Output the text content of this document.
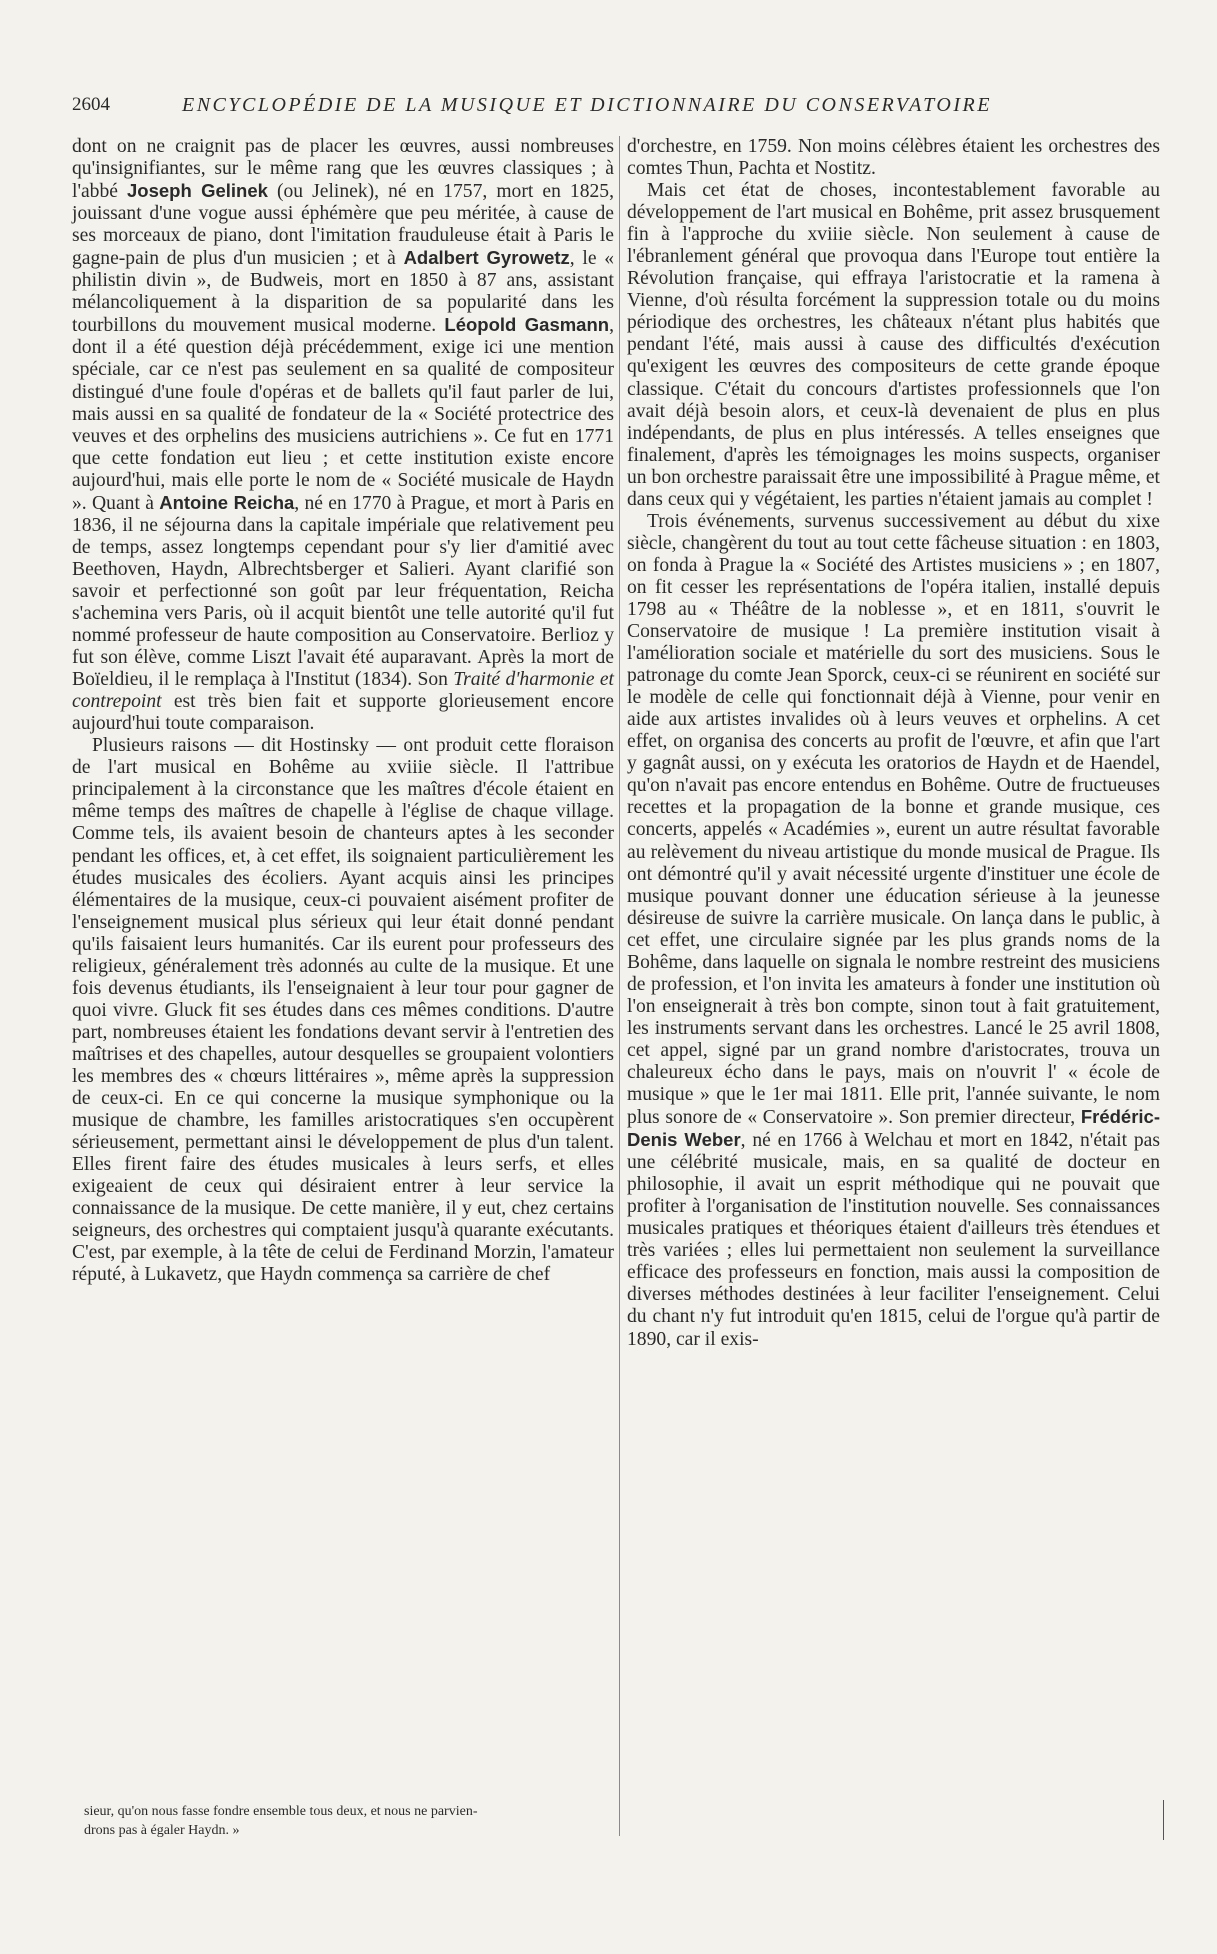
2604	ENCYCLOPÉDIE DE LA MUSIQUE ET DICTIONNAIRE DU CONSERVATOIRE

dont on ne craignit pas de placer les œuvres, aussi nombreuses qu'insignifiantes, sur le même rang que les œuvres classiques ; à l'abbé Joseph Gelinek (ou Jelinek), né en 1757, mort en 1825, jouissant d'une vogue aussi éphémère que peu méritée, à cause de ses morceaux de piano, dont l'imitation frauduleuse était à Paris le gagne-pain de plus d'un musicien ; et à Adalbert Gyrowetz, le « philistin divin », de Budweis, mort en 1850 à 87 ans, assistant mélancoliquement à la disparition de sa popularité dans les tourbillons du mouvement musical moderne. Léopold Gasmann, dont il a été question déjà précédemment, exige ici une mention spéciale, car ce n'est pas seulement en sa qualité de compositeur distingué d'une foule d'opéras et de ballets qu'il faut parler de lui, mais aussi en sa qualité de fondateur de la « Société protectrice des veuves et des orphelins des musiciens autrichiens ». Ce fut en 1771 que cette fondation eut lieu ; et cette institution existe encore aujourd'hui, mais elle porte le nom de « Société musicale de Haydn ». Quant à Antoine Reicha, né en 1770 à Prague, et mort à Paris en 1836, il ne séjourna dans la capitale impériale que relativement peu de temps, assez longtemps cependant pour s'y lier d'amitié avec Beethoven, Haydn, Albrechtsberger et Salieri. Ayant clarifié son savoir et perfectionné son goût par leur fréquentation, Reicha s'achemina vers Paris, où il acquit bientôt une telle autorité qu'il fut nommé professeur de haute composition au Conservatoire. Berlioz y fut son élève, comme Liszt l'avait été auparavant. Après la mort de Boïeldieu, il le remplaça à l'Institut (1834). Son Traité d'harmonie et contrepoint est très bien fait et supporte glorieusement encore aujourd'hui toute comparaison.

Plusieurs raisons — dit Hostinsky — ont produit cette floraison de l'art musical en Bohême au xviiie siècle. Il l'attribue principalement à la circonstance que les maîtres d'école étaient en même temps des maîtres de chapelle à l'église de chaque village. Comme tels, ils avaient besoin de chanteurs aptes à les seconder pendant les offices, et, à cet effet, ils soignaient particulièrement les études musicales des écoliers. Ayant acquis ainsi les principes élémentaires de la musique, ceux-ci pouvaient aisément profiter de l'enseignement musical plus sérieux qui leur était donné pendant qu'ils faisaient leurs humanités. Car ils eurent pour professeurs des religieux, généralement très adonnés au culte de la musique. Et une fois devenus étudiants, ils l'enseignaient à leur tour pour gagner de quoi vivre. Gluck fit ses études dans ces mêmes conditions. D'autre part, nombreuses étaient les fondations devant servir à l'entretien des maîtrises et des chapelles, autour desquelles se groupaient volontiers les membres des « chœurs littéraires », même après la suppression de ceux-ci. En ce qui concerne la musique symphonique ou la musique de chambre, les familles aristocratiques s'en occupèrent sérieusement, permettant ainsi le développement de plus d'un talent. Elles firent faire des études musicales à leurs serfs, et elles exigeaient de ceux qui désiraient entrer à leur service la connaissance de la musique. De cette manière, il y eut, chez certains seigneurs, des orchestres qui comptaient jusqu'à quarante exécutants. C'est, par exemple, à la tête de celui de Ferdinand Morzin, l'amateur réputé, à Lukavetz, que Haydn commença sa carrière de chef

d'orchestre, en 1759. Non moins célèbres étaient les orchestres des comtes Thun, Pachta et Nostitz.

Mais cet état de choses, incontestablement favorable au développement de l'art musical en Bohême, prit assez brusquement fin à l'approche du xviiie siècle. Non seulement à cause de l'ébranlement général que provoqua dans l'Europe tout entière la Révolution française, qui effraya l'aristocratie et la ramena à Vienne, d'où résulta forcément la suppression totale ou du moins périodique des orchestres, les châteaux n'étant plus habités que pendant l'été, mais aussi à cause des difficultés d'exécution qu'exigent les œuvres des compositeurs de cette grande époque classique. C'était du concours d'artistes professionnels que l'on avait déjà besoin alors, et ceux-là devenaient de plus en plus indépendants, de plus en plus intéressés. A telles enseignes que finalement, d'après les témoignages les moins suspects, organiser un bon orchestre paraissait être une impossibilité à Prague même, et dans ceux qui y végétaient, les parties n'étaient jamais au complet !

Trois événements, survenus successivement au début du xixe siècle, changèrent du tout au tout cette fâcheuse situation : en 1803, on fonda à Prague la « Société des Artistes musiciens » ; en 1807, on fit cesser les représentations de l'opéra italien, installé depuis 1798 au « Théâtre de la noblesse », et en 1811, s'ouvrit le Conservatoire de musique ! La première institution visait à l'amélioration sociale et matérielle du sort des musiciens. Sous le patronage du comte Jean Sporck, ceux-ci se réunirent en société sur le modèle de celle qui fonctionnait déjà à Vienne, pour venir en aide aux artistes invalides où à leurs veuves et orphelins. A cet effet, on organisa des concerts au profit de l'œuvre, et afin que l'art y gagnât aussi, on y exécuta les oratorios de Haydn et de Haendel, qu'on n'avait pas encore entendus en Bohême. Outre de fructueuses recettes et la propagation de la bonne et grande musique, ces concerts, appelés « Académies », eurent un autre résultat favorable au relèvement du niveau artistique du monde musical de Prague. Ils ont démontré qu'il y avait nécessité urgente d'instituer une école de musique pouvant donner une éducation sérieuse à la jeunesse désireuse de suivre la carrière musicale. On lança dans le public, à cet effet, une circulaire signée par les plus grands noms de la Bohême, dans laquelle on signala le nombre restreint des musiciens de profession, et l'on invita les amateurs à fonder une institution où l'on enseignerait à très bon compte, sinon tout à fait gratuitement, les instruments servant dans les orchestres. Lancé le 25 avril 1808, cet appel, signé par un grand nombre d'aristocrates, trouva un chaleureux écho dans le pays, mais on n'ouvrit l' « école de musique » que le 1er mai 1811. Elle prit, l'année suivante, le nom plus sonore de « Conservatoire ». Son premier directeur, Frédéric-Denis Weber, né en 1766 à Welchau et mort en 1842, n'était pas une célébrité musicale, mais, en sa qualité de docteur en philosophie, il avait un esprit méthodique qui ne pouvait que profiter à l'organisation de l'institution nouvelle. Ses connaissances musicales pratiques et théoriques étaient d'ailleurs très étendues et très variées ; elles lui permettaient non seulement la surveillance efficace des professeurs en fonction, mais aussi la composition de diverses méthodes destinées à leur faciliter l'enseignement. Celui du chant n'y fut introduit qu'en 1815, celui de l'orgue qu'à partir de 1890, car il exis-

sieur, qu'on nous fasse fondre ensemble tous deux, et nous ne parvien-

drons pas à égaler Haydn. »
